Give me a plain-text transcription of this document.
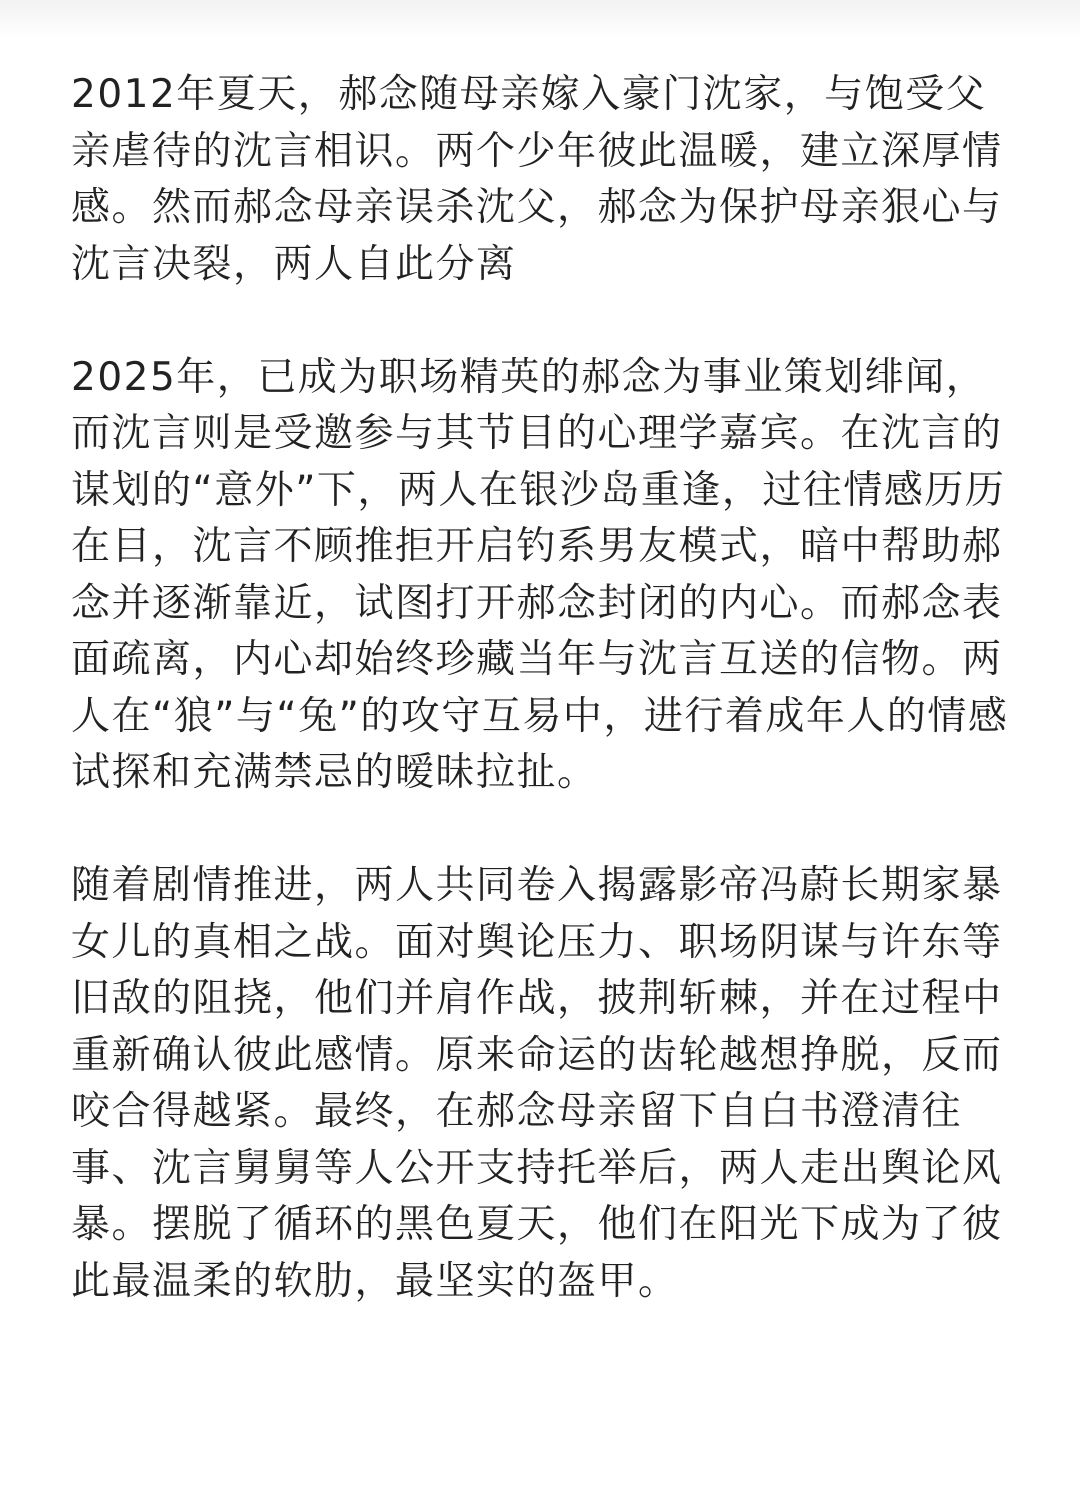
2012年夏天，郝念随母亲嫁入豪门沈家，与饱受父亲虐待的沈言相识。两个少年彼此温暖，建立深厚情感。然而郝念母亲误杀沈父，郝念为保护母亲狠心与沈言决裂，两人自此分离

2025年，已成为职场精英的郝念为事业策划绯闻，而沈言则是受邀参与其节目的心理学嘉宾。在沈言的谋划的“意外”下，两人在银沙岛重逢，过往情感历历在目，沈言不顾推拒开启钓系男友模式，暗中帮助郝念并逐渐靠近，试图打开郝念封闭的内心。而郝念表面疏离，内心却始终珍藏当年与沈言互送的信物。两人在“狼”与“兔”的攻守互易中，进行着成年人的情感试探和充满禁忌的暧昧拉扯。

随着剧情推进，两人共同卷入揭露影帝冯蔚长期家暴女儿的真相之战。面对舆论压力、职场阴谋与许东等旧敌的阻挠，他们并肩作战，披荆斩棘，并在过程中重新确认彼此感情。原来命运的齿轮越想挣脱，反而咬合得越紧。最终，在郝念母亲留下自白书澄清往事、沈言舅舅等人公开支持托举后，两人走出舆论风暴。摆脱了循环的黑色夏天，他们在阳光下成为了彼此最温柔的软肋，最坚实的盔甲。
